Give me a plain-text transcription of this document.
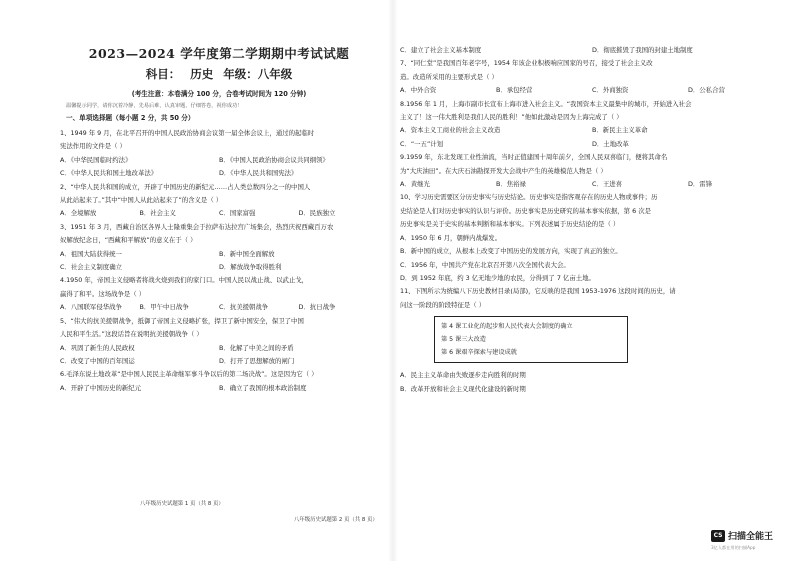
2023—2024 学年度第二学期期中考试试题
科目： 历史 年级：八年级
(考生注意：本卷满分 100 分，合卷考试时间为 120 分钟)
温馨提示同学，请你沉着冷静，先易后难，认真审题，仔细答卷，祝你成功！
一、单项选择题（每小题 2 分，共 50 分）

1、1949 年 9 月，在北平召开的中国人民政治协商会议第一届全体会议上，通过的起临时

宪法作用的文件是（ ）

A．《中华民国临时约法》	B．《中国人民政治协商会议共同纲领》
C．《中华人民共和国土地改革法》	D．《中华人民共和国宪法》

2、“中华人民共和国的成立，开辟了中国历史的新纪元……占人类总数四分之一的中国人

从此站起来了。”其中“中国人从此站起来了”的含义是（ ）

A．全境解放	B．社会主义	C．国家富强	D．民族独立

3、1951 年 3 月，西藏自治区各界人士隆重集会于拉萨布达拉宫广场集会，热烈庆祝西藏百万农

奴解放纪念日，“西藏和平解放”的意义在于（ ）

A．祖国大陆获得统一	B．新中国全面解放
C．社会主义制度确立	D．解放战争取得胜利

4.1950 年，帝国主义侵略者将战火烧到我们的家门口。中国人民以战止战、以武止戈，

赢得了和平。这场战争是（ ）

A．八国联军侵华战争	B．甲午中日战争	C．抗美援朝战争	D．抗日战争

5、“伟大的抗美援朝战争，抵御了帝国主义侵略扩张，捍卫了新中国安全，保卫了中国

人民和平生活。”这段话旨在说明抗美援朝战争（ ）

A．巩固了新生的人民政权	B．化解了中美之间的矛盾
C．改变了中国的百年国运	D．打开了思想解放的闸门

6.毛泽东说土地改革“是中国人民民主革命继军事斗争以后的第二场决战”。这是因为它（ ）

A．开辟了中国历史的新纪元	B．确立了我国的根本政治制度
八年级历史试题第 1 页（共 8 页）
C．建立了社会主义基本制度	D．彻底摧毁了我国的封建土地制度

7、“同仁堂”是我国百年老字号，1954 年该企业积极响应国家的号召，接受了社会主义改

造。改造所采用的主要形式是（ ）

A．中外合资	B．承包经营	C．外商独资	D．公私合营

8.1956 年 1 月，上海市副市长宣布上海市进入社会主义。“我国资本主义最集中的城市，开始进入社会

主义了！这一伟大胜利是我们人民的胜利！”他如此激动是因为上海完成了（ ）

A．资本主义工商业的社会主义改造	B．新民主主义革命
C．“一五”计划	D．土地改革

9.1959 年，东北发现工业性油流，当时正值建国十周年前夕，全国人民双喜临门，便将其命名

为“大庆油田”。在大庆石油勘探开发大会战中产生的英雄模范人物是（ ）

A．黄继光	B．焦裕禄	C．王进喜	D．雷锋

10、学习历史需要区分历史事实与历史结论。历史事实是指客观存在的历史人物或事件；历

史结论是人们对历史事实的认识与评价。历史事实是历史研究的基本事实依据，第 6 次是

历史事实是关于史实的基本判断和基本事实。下列表述属于历史结论的是（ ）

A．1950 年 6 月，朝鲜内战爆发。
B．新中国的成立，从根本上改变了中国历史的发展方向，实现了真正的独立。
C．1956 年，中国共产党在北京召开第八次全国代表大会。
D．到 1952 年底，约 3 亿无地少地的农民，分得到了 7 亿亩土地。

11、下图所示为统编八下历史教材目录(局部)，它反映的是我国 1953-1976 这段时间的历史，请

问这一阶段的阶段特征是（ ）

第 4 课工业化的起步和人民代表大会制度的确立
第 5 课三大改造
第 6 课艰辛探索与建设成就
A．民主主义革命由失败逐步走向胜利的时期
B．改革开放和社会主义现代化建设的新时期
八年级历史试题第 2 页（共 8 页）
CS 扫描全能王
3亿人都在用的扫描App
